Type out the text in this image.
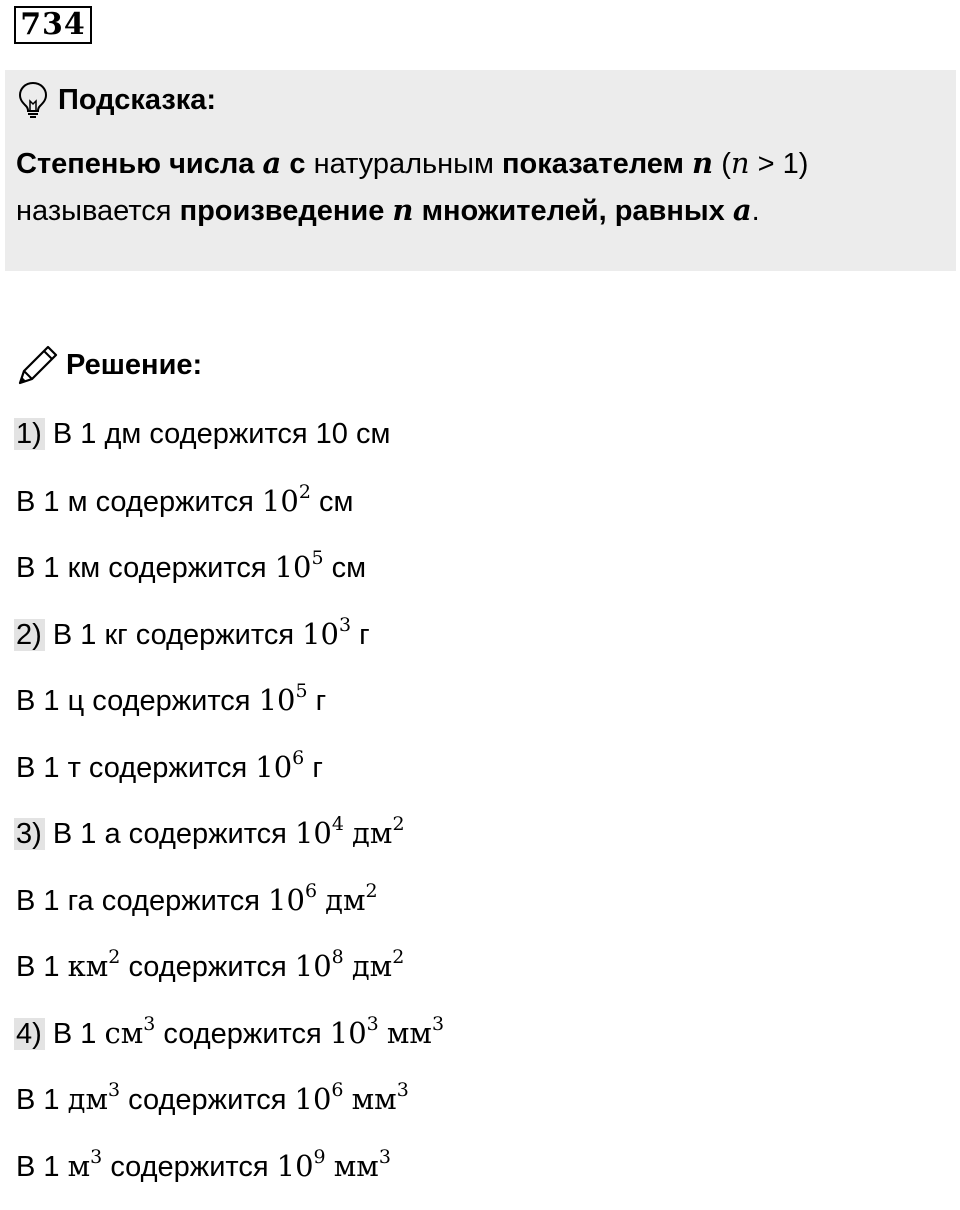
734
Подсказка:
Степенью числа a с натуральным показателем n (n > 1)
называется произведение n множителей, равных a.
Решение:
1) В 1 дм содержится 10 см
В 1 м содержится $10^2$ см
В 1 км содержится $10^5$ см
2) В 1 кг содержится $10^3$ г
В 1 ц содержится $10^5$ г
В 1 т содержится $10^6$ г
3) В 1 а содержится $10^4$ $дм^2$
В 1 га содержится $10^6$ $дм^2$
В 1 $км^2$ содержится $10^8$ $дм^2$
4) В 1 $см^3$ содержится $10^3$ $мм^3$
В 1 $дм^3$ содержится $10^6$ $мм^3$
В 1 $м^3$ содержится $10^9$ $мм^3$
